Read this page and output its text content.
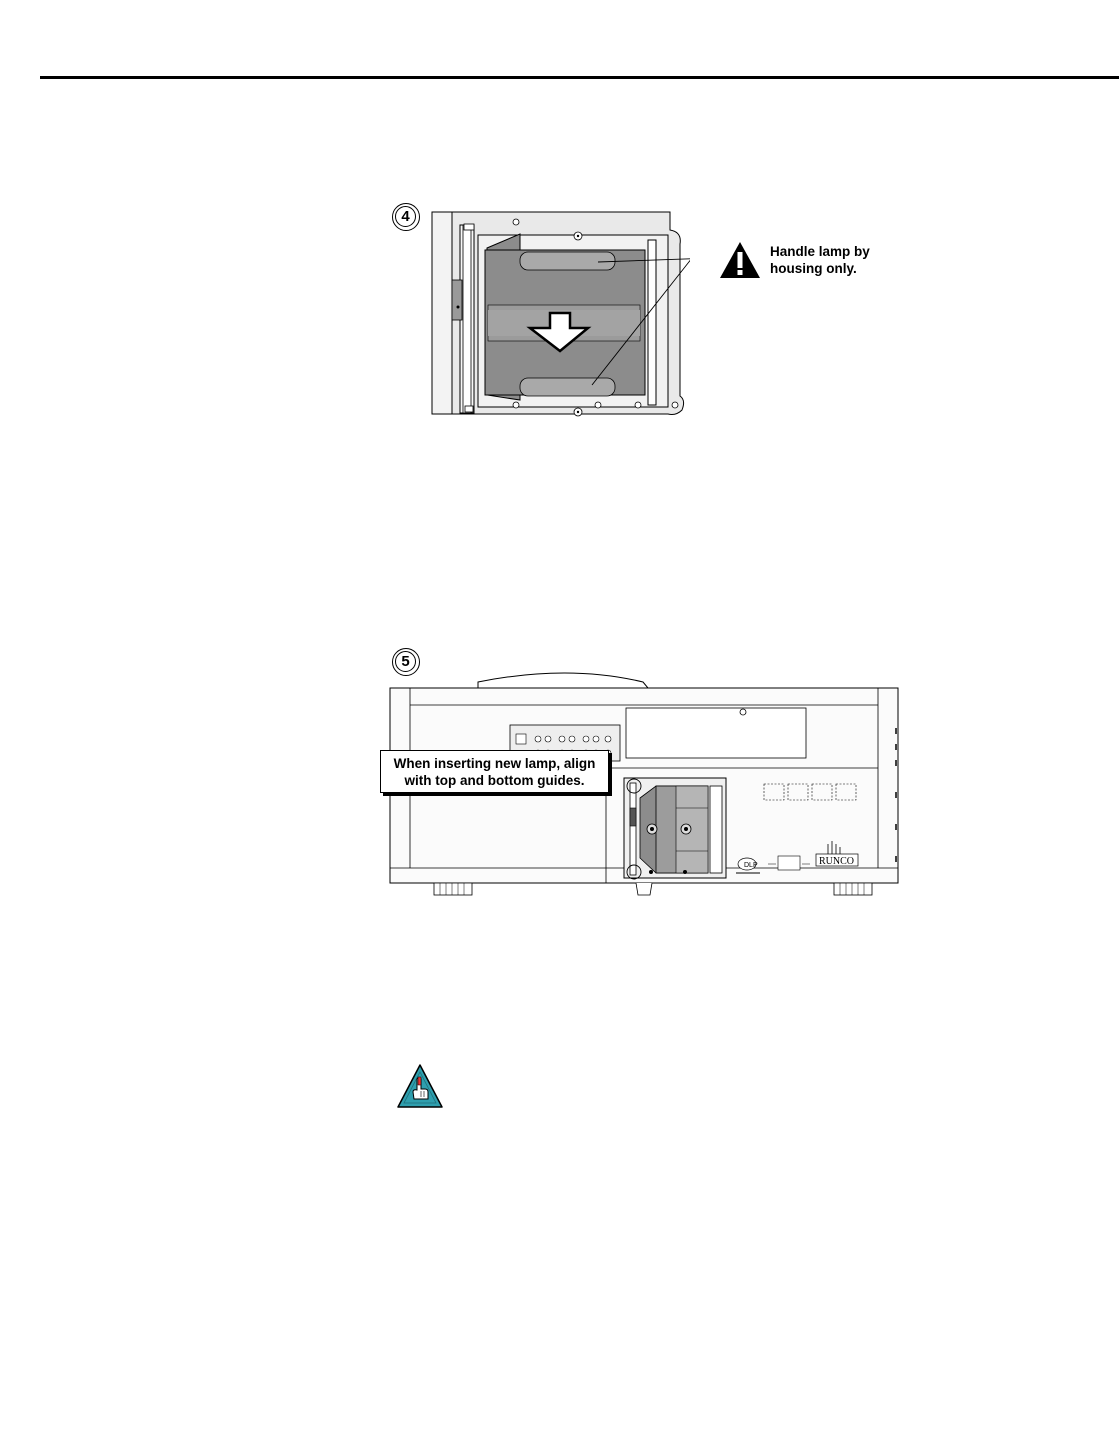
4
Handle lamp by
housing only.
5
DLP	RUNCO
When inserting new lamp, align
with top and bottom guides.
